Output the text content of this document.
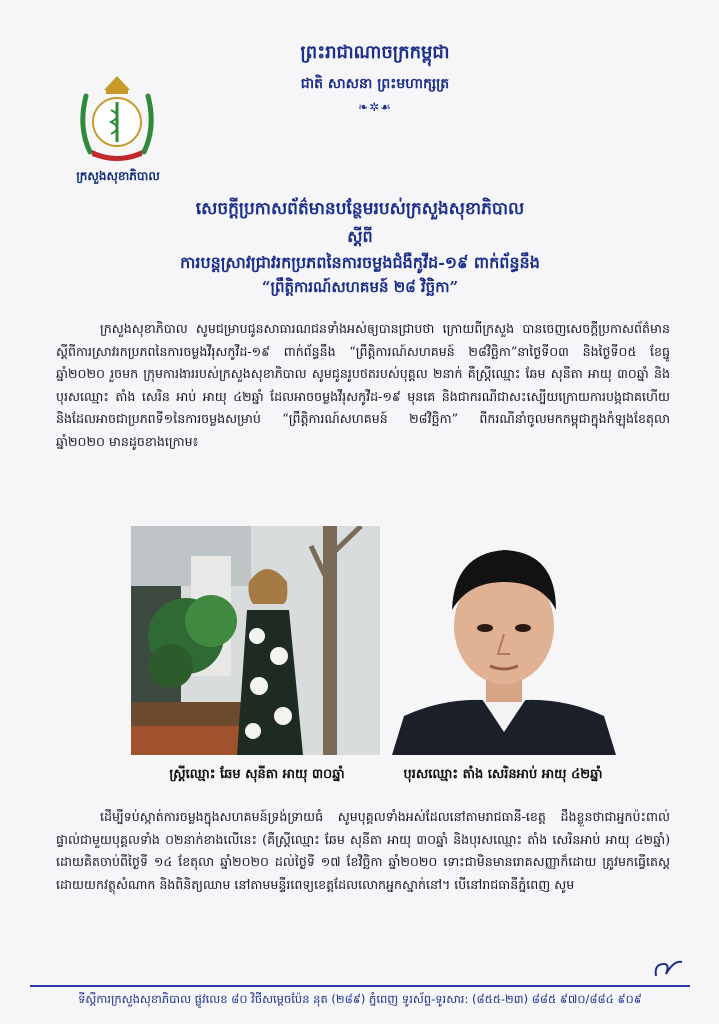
ក្រសួងសុខាភិបាល
ព្រះរាជាណាចក្រកម្ពុជា
ជាតិ សាសនា ព្រះមហាក្សត្រ
❧✲☙
សេចក្តីប្រកាសព័ត៌មានបន្ថែមរបស់ក្រសួងសុខាភិបាល
ស្តីពី
ការបន្តស្រាវជ្រាវរកប្រភពនៃការចម្លងជំងឺកូវីដ-១៩ ពាក់ព័ន្ធនឹង
“ព្រឹត្តិការណ៍សហគមន៍ ២៨ វិច្ឆិកា”
ក្រសួងសុខាភិបាល សូមជម្រាបជូនសាធារណជនទាំងអស់ឲ្យបានជ្រាបថា ក្រោយពីក្រសួង បានចេញសេចក្តីប្រកាសព័ត៌មាន ស្តីពីការស្រាវរកប្រភពនៃការចម្លងវីរុសកូវីដ-១៩ ពាក់ព័ន្ធនឹង “ព្រឹត្តិការណ៍សហគមន៍ ២៨វិច្ឆិកា”នាថ្ងៃទី០៣ និងថ្ងៃទី០៥ ខែធ្នូ ឆ្នាំ២០២០ រួចមក ក្រុមការងាររបស់ក្រសួងសុខាភិបាល សូមជូនរូបថតរបស់បុគ្គល ២នាក់ គឺស្ត្រីឈ្មោះ ឆែម សុនីតា អាយុ ៣០ឆ្នាំ និង បុរសឈ្មោះ តាំង សេរិន អាប់ អាយុ ៤២ឆ្នាំ ដែលអាចចម្លងវីរុសកូវីដ-១៩ មុនគេ និងជាករណីជាសះស្បើយក្រោយការបង្កជាគហើយ និងដែលអាចជាប្រភពទី១នៃការចម្លងសម្រាប់ “ព្រឹត្តិការណ៍សហគមន៍ ២៨វិច្ឆិកា” ពីករណីនាំចូលមកកម្ពុជាក្នុងកំឡុងខែតុលា ឆ្នាំ២០២០ មានដូចខាងក្រោម៖
ស្ត្រីឈ្មោះ ឆែម សុនីតា អាយុ ៣០ឆ្នាំ	បុរសឈ្មោះ តាំង សេរិនអាប់ អាយុ ៤២ឆ្នាំ
ដើម្បីទប់ស្កាត់ការចម្លងក្នុងសហគមន៍ទ្រង់ទ្រាយធំ សូមបុគ្គលទាំងអស់ដែលនៅតាមរាជធានី-ខេត្ត ដឹងខ្លួនថាជាអ្នកប៉ះពាល់ផ្ទាល់ជាមួយបុគ្គលទាំង ០២នាក់ខាងលើនេះ (គឺស្ត្រីឈ្មោះ ឆែម សុនីតា អាយុ ៣០ឆ្នាំ និងបុរសឈ្មោះ តាំង សេរិនអាប់ អាយុ ៤២ឆ្នាំ) ដោយគិតចាប់ពីថ្ងៃទី ១៤ ខែតុលា ឆ្នាំ២០២០ ដល់ថ្ងៃទី ១៧ ខែវិច្ឆិកា ឆ្នាំ២០២០ ទោះជាមិនមានរោគសញ្ញាក៏ដោយ ត្រូវមកធ្វើតេស្តដោយយកវត្ថុសំណាក និងពិនិត្យឈាម នៅតាមមន្ទីរពេទ្យខេត្តដែលលោកអ្នកស្នាក់នៅ។ បើនៅរាជធានីភ្នំពេញ សូម
ទីស្តីការក្រសួងសុខាភិបាល ផ្លូវលេខ ៨០ វិថីសម្តេចប៉ែន នុត (២៨៩) ភ្នំពេញ ទូរស័ព្ទ-ទូរសារ: (៨៥៥-២៣) ៨៨៥ ៩៧០/៨៨៤ ៩០៩
